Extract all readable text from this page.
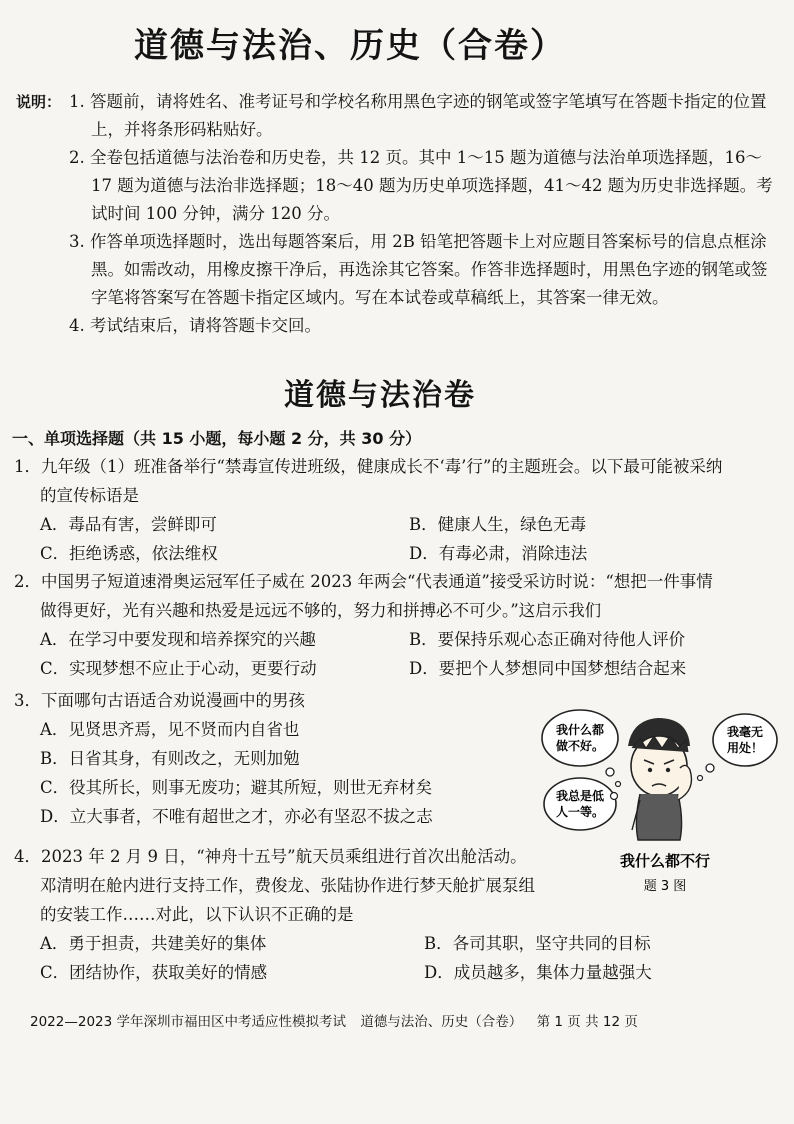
道德与法治、历史（合卷）
说明： 1. 答题前，请将姓名、准考证号和学校名称用黑色字迹的钢笔或签字笔填写在答题卡指定的位置上，并将条形码粘贴好。

2. 全卷包括道德与法治卷和历史卷，共 12 页。其中 1～15 题为道德与法治单项选择题，16～17 题为道德与法治非选择题；18～40 题为历史单项选择题，41～42 题为历史非选择题。考试时间 100 分钟，满分 120 分。

3. 作答单项选择题时，选出每题答案后，用 2B 铅笔把答题卡上对应题目答案标号的信息点框涂黑。如需改动，用橡皮擦干净后，再选涂其它答案。作答非选择题时，用黑色字迹的钢笔或签字笔将答案写在答题卡指定区域内。写在本试卷或草稿纸上，其答案一律无效。

4. 考试结束后，请将答题卡交回。

道德与法治卷
一、单项选择题（共 15 小题，每小题 2 分，共 30 分）
1．九年级（1）班准备举行“禁毒宣传进班级，健康成长不‘毒’行”的主题班会。以下最可能被采纳的宣传标语是
A．毒品有害，尝鲜即可	B．健康人生，绿色无毒
C．拒绝诱惑，依法维权	D．有毒必肃，消除违法
2．中国男子短道速滑奥运冠军任子威在 2023 年两会“代表通道”接受采访时说：“想把一件事情做得更好，光有兴趣和热爱是远远不够的，努力和拼搏必不可少。”这启示我们
A．在学习中要发现和培养探究的兴趣	B．要保持乐观心态正确对待他人评价
C．实现梦想不应止于心动，更要行动	D．要把个人梦想同中国梦想结合起来
3．下面哪句古语适合劝说漫画中的男孩
A．见贤思齐焉，见不贤而内自省也
B．日省其身，有则改之，无则加勉
C．役其所长，则事无废功；避其所短，则世无弃材矣
D．立大事者，不唯有超世之才，亦必有坚忍不拔之志
我什么都
做不好。
我毫无
用处！
我总是低
人一等。
我什么都不行
题 3 图
4．2023 年 2 月 9 日，“神舟十五号”航天员乘组进行首次出舱活动。邓清明在舱内进行支持工作，费俊龙、张陆协作进行梦天舱扩展泵组的安装工作……对此，以下认识不正确的是
A．勇于担责，共建美好的集体	B．各司其职，坚守共同的目标
C．团结协作，获取美好的情感	D．成员越多，集体力量越强大
2022—2023 学年深圳市福田区中考适应性模拟考试 道德与法治、历史（合卷） 第 1 页 共 12 页
